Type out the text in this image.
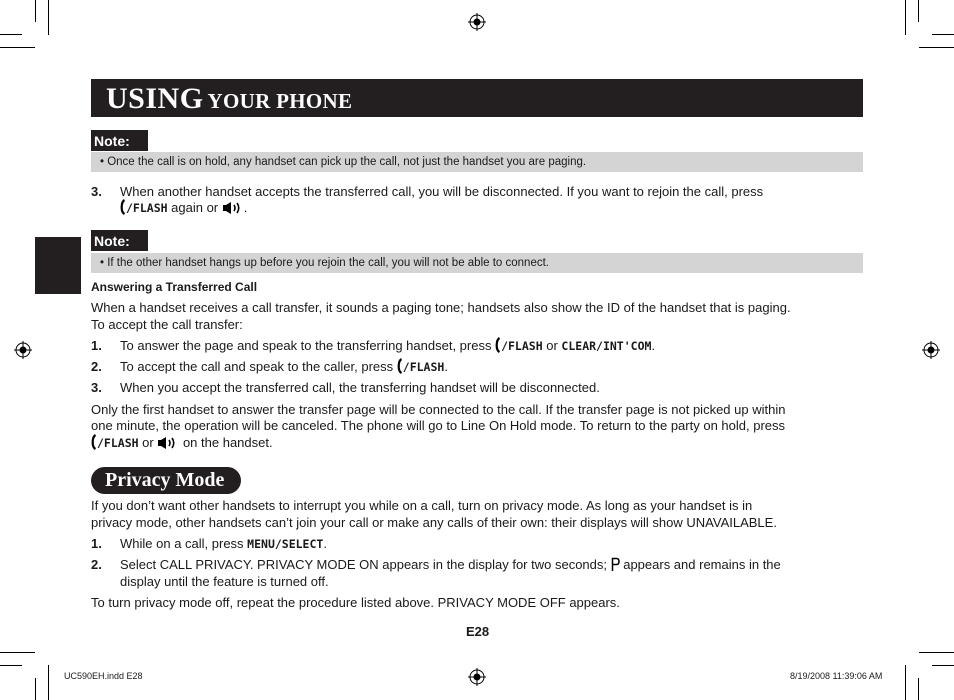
USING YOUR PHONE
Note:
• Once the call is on hold, any handset can pick up the call, not just the handset you are paging.
3. When another handset accepts the transferred call, you will be disconnected. If you want to rejoin the call, press
/FLASH again or .
Note:
• If the other handset hangs up before you rejoin the call, you will not be able to connect.
Answering a Transferred Call
When a handset receives a call transfer, it sounds a paging tone; handsets also show the ID of the handset that is paging.
To accept the call transfer:
1. To answer the page and speak to the transferring handset, press /FLASH or CLEAR/INT'COM.
2. To accept the call and speak to the caller, press /FLASH.
3. When you accept the transferred call, the transferring handset will be disconnected.
Only the first handset to answer the transfer page will be connected to the call. If the transfer page is not picked up within
one minute, the operation will be canceled. The phone will go to Line On Hold mode. To return to the party on hold, press
/FLASH or  on the handset.
Privacy Mode
If you don’t want other handsets to interrupt you while on a call, turn on privacy mode. As long as your handset is in
privacy mode, other handsets can’t join your call or make any calls of their own: their displays will show UNAVAILABLE.
1. While on a call, press MENU/SELECT.
2. Select CALL PRIVACY. PRIVACY MODE ON appears in the display for two seconds;  appears and remains in the
display until the feature is turned off.
To turn privacy mode off, repeat the procedure listed above. PRIVACY MODE OFF appears.
E28
UC590EH.indd E28	8/19/2008 11:39:06 AM
